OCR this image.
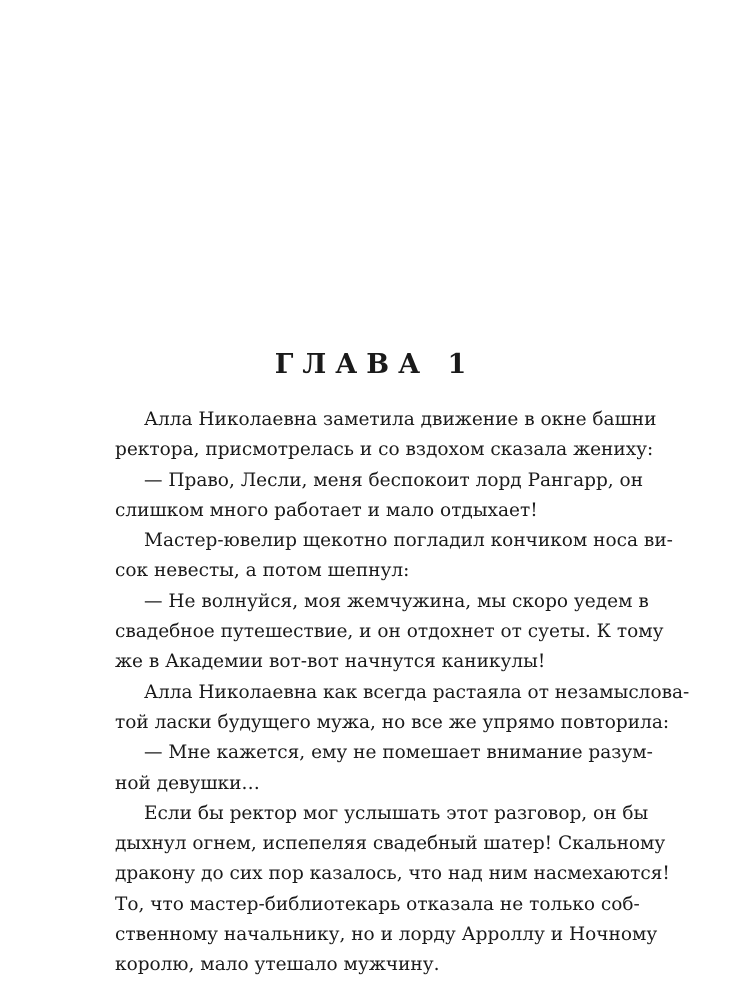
ГЛАВА 1
Алла Николаевна заметила движение в окне башни
ректора, присмотрелась и со вздохом сказала жениху:
— Право, Лесли, меня беспокоит лорд Рангарр, он
слишком много работает и мало отдыхает!
Мастер-ювелир щекотно погладил кончиком носа ви-
сок невесты, а потом шепнул:
— Не волнуйся, моя жемчужина, мы скоро уедем в
свадебное путешествие, и он отдохнет от суеты. К тому
же в Академии вот-вот начнутся каникулы!
Алла Николаевна как всегда растаяла от незамыслова-
той ласки будущего мужа, но все же упрямо повторила:
— Мне кажется, ему не помешает внимание разум-
ной девушки…
Если бы ректор мог услышать этот разговор, он бы
дыхнул огнем, испепеляя свадебный шатер! Скальному
дракону до сих пор казалось, что над ним насмехаются!
То, что мастер-библиотекарь отказала не только соб-
ственному начальнику, но и лорду Арроллу и Ночному
королю, мало утешало мужчину.
